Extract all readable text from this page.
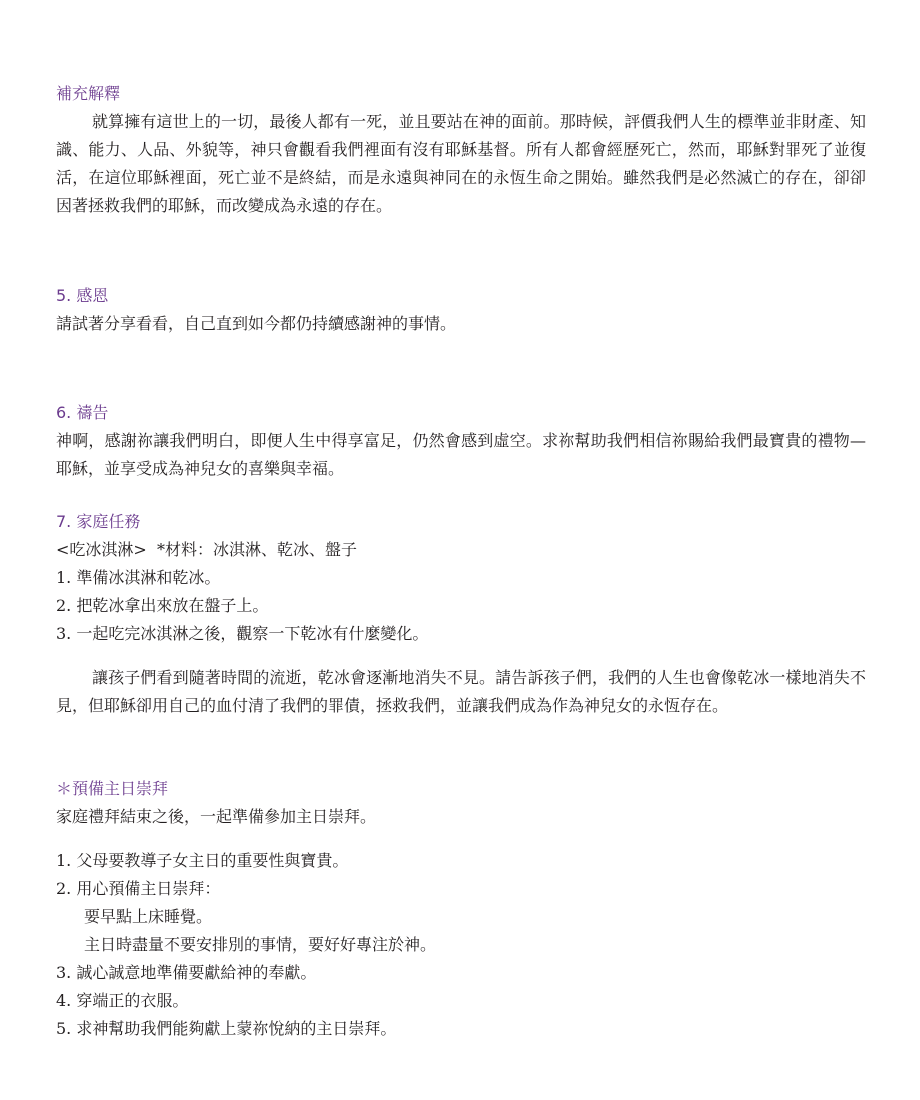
補充解釋

就算擁有這世上的一切，最後人都有一死，並且要站在神的面前。那時候，評價我們人生的標準並非財產、知識、能力、人品、外貌等，神只會觀看我們裡面有沒有耶穌基督。所有人都會經歷死亡，然而，耶穌對罪死了並復活，在這位耶穌裡面，死亡並不是終結，而是永遠與神同在的永恆生命之開始。雖然我們是必然滅亡的存在，卻卻因著拯救我們的耶穌，而改變成為永遠的存在。

5. 感恩

請試著分享看看，自己直到如今都仍持續感謝神的事情。

6. 禱告

神啊，感謝祢讓我們明白，即便人生中得享富足，仍然會感到虛空。求祢幫助我們相信祢賜給我們最寶貴的禮物—耶穌，並享受成為神兒女的喜樂與幸福。

7. 家庭任務

<吃冰淇淋>  *材料：冰淇淋、乾冰、盤子

1. 準備冰淇淋和乾冰。

2. 把乾冰拿出來放在盤子上。

3. 一起吃完冰淇淋之後，觀察一下乾冰有什麼變化。

讓孩子們看到隨著時間的流逝，乾冰會逐漸地消失不見。請告訴孩子們，我們的人生也會像乾冰一樣地消失不見，但耶穌卻用自己的血付清了我們的罪債，拯救我們，並讓我們成為作為神兒女的永恆存在。

＊預備主日崇拜

家庭禮拜結束之後，一起準備參加主日崇拜。

1. 父母要教導子女主日的重要性與寶貴。

2. 用心預備主日崇拜：

要早點上床睡覺。

主日時盡量不要安排別的事情，要好好專注於神。

3. 誠心誠意地準備要獻給神的奉獻。

4. 穿端正的衣服。

5. 求神幫助我們能夠獻上蒙祢悅納的主日崇拜。
